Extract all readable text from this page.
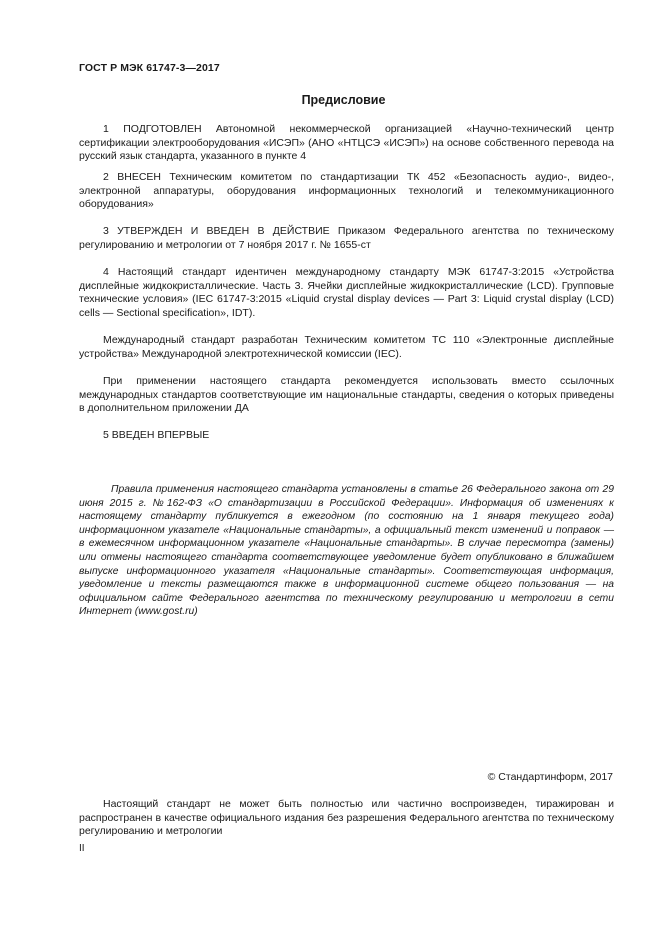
ГОСТ Р МЭК 61747-3—2017
Предисловие

1 ПОДГОТОВЛЕН Автономной некоммерческой организацией «Научно-технический центр сертификации электрооборудования «ИСЭП» (АНО «НТЦСЭ «ИСЭП») на основе собственного перевода на русский язык стандарта, указанного в пункте 4

2 ВНЕСЕН Техническим комитетом по стандартизации ТК 452 «Безопасность аудио-, видео-, электронной аппаратуры, оборудования информационных технологий и телекоммуникационного оборудования»

3 УТВЕРЖДЕН И ВВЕДЕН В ДЕЙСТВИЕ Приказом Федерального агентства по техническому регулированию и метрологии от 7 ноября 2017 г. № 1655-ст

4 Настоящий стандарт идентичен международному стандарту МЭК 61747-3:2015 «Устройства дисплейные жидкокристаллические. Часть 3. Ячейки дисплейные жидкокристаллические (LCD). Групповые технические условия» (IEC 61747-3:2015 «Liquid crystal display devices — Part 3: Liquid crystal display (LCD) cells — Sectional specification», IDT).

Международный стандарт разработан Техническим комитетом ТС 110 «Электронные дисплейные устройства» Международной электротехнической комиссии (IEC).

При применении настоящего стандарта рекомендуется использовать вместо ссылочных международных стандартов соответствующие им национальные стандарты, сведения о которых приведены в дополнительном приложении ДА

5 ВВЕДЕН ВПЕРВЫЕ

Правила применения настоящего стандарта установлены в статье 26 Федерального закона от 29 июня 2015 г. №162-ФЗ «О стандартизации в Российской Федерации». Информация об изменениях к настоящему стандарту публикуется в ежегодном (по состоянию на 1 января текущего года) информационном указателе «Национальные стандарты», а официальный текст изменений и поправок — в ежемесячном информационном указателе «Национальные стандарты». В случае пересмотра (замены) или отмены настоящего стандарта соответствующее уведомление будет опубликовано в ближайшем выпуске информационного указателя «Национальные стандарты». Соответствующая информация, уведомление и тексты размещаются также в информационной системе общего пользования — на официальном сайте Федерального агентства по техническому регулированию и метрологии в сети Интернет (www.gost.ru)

© Стандартинформ, 2017

Настоящий стандарт не может быть полностью или частично воспроизведен, тиражирован и распространен в качестве официального издания без разрешения Федерального агентства по техническому регулированию и метрологии

II
